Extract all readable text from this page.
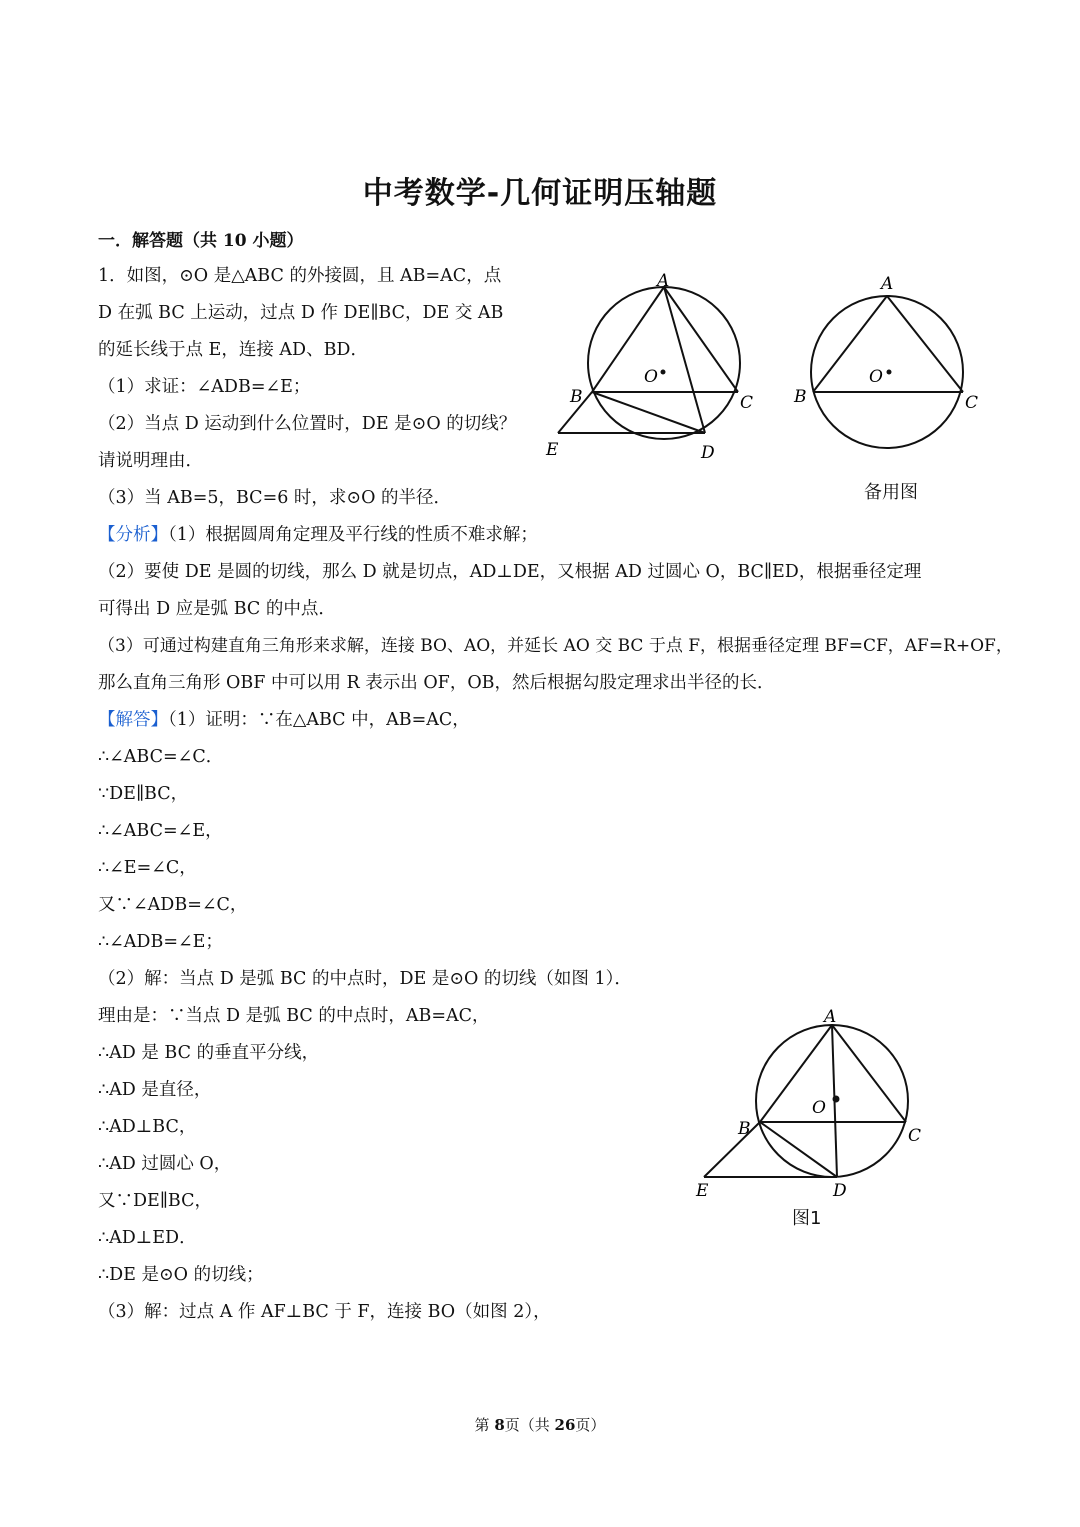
中考数学-几何证明压轴题
一．解答题（共 10 小题）
1．如图，⊙O 是△ABC 的外接圆，且 AB=AC，点
D 在弧 BC 上运动，过点 D 作 DE∥BC，DE 交 AB
的延长线于点 E，连接 AD、BD．
（1）求证：∠ADB=∠E；
（2）当点 D 运动到什么位置时，DE 是⊙O 的切线？
请说明理由．
（3）当 AB=5，BC=6 时，求⊙O 的半径．
A
O
B	C
E	D
A
O
B	C
备用图
【分析】（1）根据圆周角定理及平行线的性质不难求解；
（2）要使 DE 是圆的切线，那么 D 就是切点，AD⊥DE，又根据 AD 过圆心 O，BC∥ED，根据垂径定理
可得出 D 应是弧 BC 的中点．
（3）可通过构建直角三角形来求解，连接 BO、AO，并延长 AO 交 BC 于点 F，根据垂径定理 BF=CF，AF=R+OF，
那么直角三角形 OBF 中可以用 R 表示出 OF，OB，然后根据勾股定理求出半径的长．
【解答】（1）证明：∵在△ABC 中，AB=AC，
∴∠ABC=∠C．
∵DE∥BC，
∴∠ABC=∠E，
∴∠E=∠C，
又∵∠ADB=∠C，
∴∠ADB=∠E；
（2）解：当点 D 是弧 BC 的中点时，DE 是⊙O 的切线（如图 1）．
理由是：∵当点 D 是弧 BC 的中点时，AB=AC，
∴AD 是 BC 的垂直平分线，
∴AD 是直径，
∴AD⊥BC，
∴AD 过圆心 O，
又∵DE∥BC，
∴AD⊥ED．
∴DE 是⊙O 的切线；
（3）解：过点 A 作 AF⊥BC 于 F，连接 BO（如图 2），
A
O
B	C
E	D
图1
第 8页（共 26页）
